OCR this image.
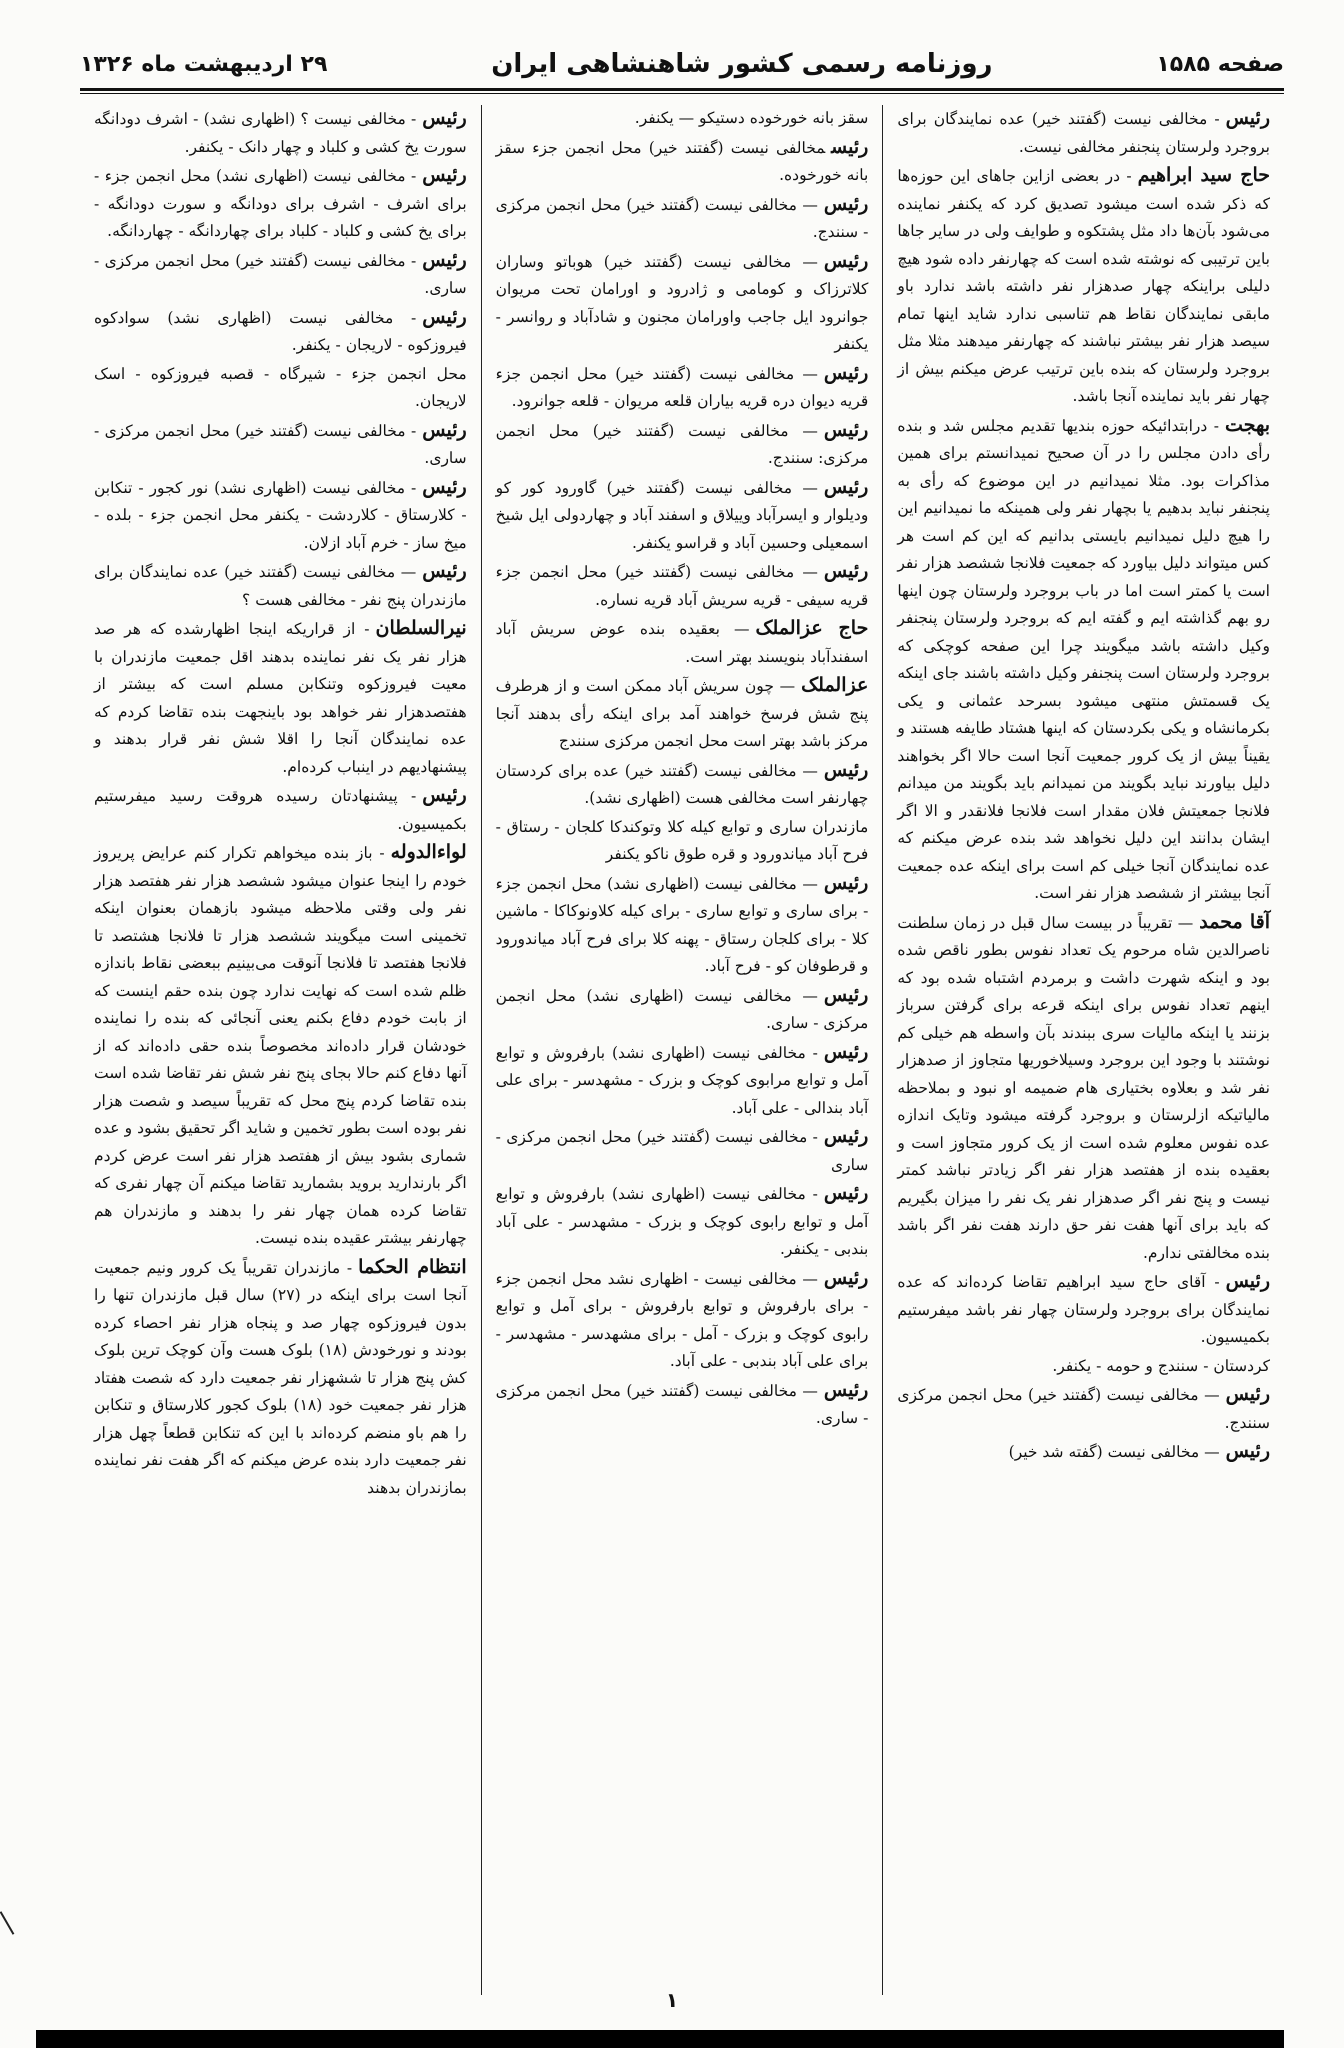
صفحه ۱۵۸۵
روزنامه رسمی کشور شاهنشاهی ایران
۲۹ اردیبهشت ماه ۱۳۲۶

رئیس- مخالفی نیست (گفتند خیر) عده نمایندگان برای بروجرد ولرستان پنجنفر مخالفی نیست.

حاج سید ابراهیم- در بعضی ازاین جاهای این حوزه‌ها که ذکر شده است میشود تصدیق کرد که یکنفر نماینده می‌شود بآن‌ها داد مثل پشتکوه و طوایف ولی در سایر جاها باین ترتیبی که نوشته شده است که چهارنفر داده شود هیچ دلیلی براینکه چهار صدهزار نفر داشته باشد ندارد باو مابقی نمایندگان نقاط هم تناسبی ندارد شاید اینها تمام سیصد هزار نفر بیشتر نباشند که چهارنفر میدهند مثلا مثل بروجرد ولرستان که بنده باین ترتیب عرض میکنم بیش از چهار نفر باید نماینده آنجا باشد.

بهجت- درابتدائیکه حوزه بندیها تقدیم مجلس شد و بنده رأی دادن مجلس را در آن صحیح نمیدانستم برای همین مذاکرات بود. مثلا نمیدانیم در این موضوع که رأی به پنجنفر نباید بدهیم یا بچهار نفر ولی همینکه ما نمیدانیم این را هیچ دلیل نمیدانیم بایستی بدانیم که این کم است هر کس میتواند دلیل بیاورد که جمعیت فلانجا ششصد هزار نفر است یا کمتر است اما در باب بروجرد ولرستان چون اینها رو بهم گذاشته ایم و گفته ایم که بروجرد ولرستان پنجنفر وکیل داشته باشد میگویند چرا این صفحه کوچکی که بروجرد ولرستان است پنجنفر وکیل داشته باشند جای اینکه یک قسمتش منتهی میشود بسرحد عثمانی و یکی بکرمانشاه و یکی بکردستان که اینها هشتاد طایفه هستند و یقیناً بیش از یک کرور جمعیت آنجا است حالا اگر بخواهند دلیل بیاورند نباید بگویند من نمیدانم باید بگویند من میدانم فلانجا جمعیتش فلان مقدار است فلانجا فلانقدر و الا اگر ایشان بدانند این دلیل نخواهد شد بنده عرض میکنم که عده نمایندگان آنجا خیلی کم است برای اینکه عده جمعیت آنجا بیشتر از ششصد هزار نفر است.

آقا محمد— تقریباً در بیست سال قبل در زمان سلطنت ناصرالدین شاه مرحوم یک تعداد نفوس بطور ناقص شده بود و اینکه شهرت داشت و برمردم اشتباه شده بود که اینهم تعداد نفوس برای اینکه قرعه برای گرفتن سرباز بزنند یا اینکه مالیات سری ببندند بآن واسطه هم خیلی کم نوشتند با وجود این بروجرد وسیلاخوریها متجاوز از صدهزار نفر شد و بعلاوه بختیاری هام ضمیمه او نبود و بملاحظه مالیاتیکه ازلرستان و بروجرد گرفته میشود وتایک اندازه عده نفوس معلوم شده است از یک کرور متجاوز است و بعقیده بنده از هفتصد هزار نفر اگر زیادتر نباشد کمتر نیست و پنج نفر اگر صدهزار نفر یک نفر را میزان بگیریم که باید برای آنها هفت نفر حق دارند هفت نفر اگر باشد بنده مخالفتی ندارم.

رئیس- آقای حاج سید ابراهیم تقاضا کرده‌اند که عده نمایندگان برای بروجرد ولرستان چهار نفر باشد میفرستیم بکمیسیون.

کردستان - سنندج و حومه - یکنفر.

رئیس— مخالفی نیست (گفتند خیر) محل انجمن مرکزی سنندج.

رئیس— مخالفی نیست (گفته شد خیر)

سقز بانه خورخوده دستیکو — یکنفر.

رئیسمخالفی نیست (گفتند خیر) محل انجمن جزء سقز بانه خورخوده.

رئیس— مخالفی نیست (گفتند خیر) محل انجمن مرکزی - سنندج.

رئیس— مخالفی نیست (گفتند خیر) هوباتو وساران کلاترزاک و کومامی و ژادرود و اورامان تحت مریوان جوانرود ایل جاجب واورامان مجنون و شادآباد و روانسر - یکنفر

رئیس— مخالفی نیست (گفتند خیر) محل انجمن جزء قریه دیوان دره قریه بیاران قلعه مریوان - قلعه جوانرود.

رئیس— مخالفی نیست (گفتند خیر) محل انجمن مرکزی: سنندج.

رئیس— مخالفی نیست (گفتند خیر) گاورود کور کو ودیلوار و ایسرآباد وییلاق و اسفند آباد و چهاردولی ایل شیخ اسمعیلی وحسین آباد و قراسو یکنفر.

رئیس— مخالفی نیست (گفتند خیر) محل انجمن جزء قریه سیفی - قریه سریش آباد قریه نساره.

حاج عزالملک— بعقیده بنده عوض سریش آباد اسفندآباد بنویسند بهتر است.

عزالملک— چون سریش آباد ممکن است و از هرطرف پنج شش فرسخ خواهند آمد برای اینکه رأی بدهند آنجا مرکز باشد بهتر است محل انجمن مرکزی سنندج

رئیس— مخالفی نیست (گفتند خیر) عده برای کردستان چهارنفر است مخالفی هست (اظهاری نشد).

مازندران ساری و توابع کیله کلا وتوکندکا کلجان - رستاق - فرح آباد میاندورود و قره طوق ناکو یکنفر

رئیس— مخالفی نیست (اظهاری نشد) محل انجمن جزء - برای ساری و توابع ساری - برای کیله کلاونوکاکا - ماشین کلا - برای کلجان رستاق - پهنه کلا برای فرح آباد میاندورود و قرطوفان کو - فرح آباد.

رئیس— مخالفی نیست (اظهاری نشد) محل انجمن مرکزی - ساری.

رئیس- مخالفی نیست (اظهاری نشد) بارفروش و توابع آمل و توابع مرابوی کوچک و بزرک - مشهدسر - برای علی آباد بندالی - علی آباد.

رئیس- مخالفی نیست (گفتند خیر) محل انجمن مرکزی - ساری

رئیس- مخالفی نیست (اظهاری نشد) بارفروش و توابع آمل و توابع رابوی کوچک و بزرک - مشهدسر - علی آباد بندبی - یکنفر.

رئیس— مخالفی نیست - اظهاری نشد محل انجمن جزء - برای بارفروش و توابع بارفروش - برای آمل و توابع رابوی کوچک و بزرک - آمل - برای مشهدسر - مشهدسر - برای علی آباد بندبی - علی آباد.

رئیس— مخالفی نیست (گفتند خیر) محل انجمن مرکزی - ساری.

رئیس- مخالفی نیست ؟ (اظهاری نشد) - اشرف دودانگه سورت یخ کشی و کلباد و چهار دانک - یکنفر.

رئیس- مخالفی نیست (اظهاری نشد) محل انجمن جزء - برای اشرف - اشرف برای دودانگه و سورت دودانگه - برای یخ کشی و کلباد - کلباد برای چهاردانگه - چهاردانگه.

رئیس- مخالفی نیست (گفتند خیر) محل انجمن مرکزی - ساری.

رئیس- مخالفی نیست (اظهاری نشد) سوادکوه فیروزکوه - لاریجان - یکنفر.

محل انجمن جزء - شیرگاه - قصبه فیروزکوه - اسک لاریجان.

رئیس- مخالفی نیست (گفتند خیر) محل انجمن مرکزی - ساری.

رئیس- مخالفی نیست (اظهاری نشد) نور کجور - تنکابن - کلارستاق - کلاردشت - یکنفر محل انجمن جزء - بلده - میخ ساز - خرم آباد ازلان.

رئیس— مخالفی نیست (گفتند خیر) عده نمایندگان برای مازندران پنج نفر - مخالفی هست ؟

نیرالسلطان- از قراریکه اینجا اظهارشده که هر صد هزار نفر یک نفر نماینده بدهند اقل جمعیت مازندران با معیت فیروزکوه وتنکابن مسلم است که بیشتر از هفتصدهزار نفر خواهد بود باینجهت بنده تقاضا کردم که عده نمایندگان آنجا را اقلا شش نفر قرار بدهند و پیشنهادیهم در اینباب کرده‌ام.

رئیس- پیشنهادتان رسیده هروقت رسید میفرستیم بکمیسیون.

لواءالدوله- باز بنده میخواهم تکرار کنم عرایض پریروز خودم را اینجا عنوان میشود ششصد هزار نفر هفتصد هزار نفر ولی وقتی ملاحظه میشود بازهمان بعنوان اینکه تخمینی است میگویند ششصد هزار تا فلانجا هشتصد تا فلانجا هفتصد تا فلانجا آنوقت می‌بینیم ببعضی نقاط باندازه ظلم شده است که نهایت ندارد چون بنده حقم اینست که از بابت خودم دفاع بکنم یعنی آنجائی که بنده را نماینده خودشان قرار داده‌اند مخصوصاً بنده حقی داده‌اند که از آنها دفاع کنم حالا بجای پنج نفر شش نفر تقاضا شده است بنده تقاضا کردم پنج محل که تقریباً سیصد و شصت هزار نفر بوده است بطور تخمین و شاید اگر تحقیق بشود و عده شماری بشود بیش از هفتصد هزار نفر است عرض کردم اگر بارندارید بروید بشمارید تقاضا میکنم آن چهار نفری که تقاضا کرده همان چهار نفر را بدهند و مازندران هم چهارنفر بیشتر عقیده بنده نیست.

انتظام الحکما- مازندران تقریباً یک کرور ونیم جمعیت آنجا است برای اینکه در (۲۷) سال قبل مازندران تنها را بدون فیروزکوه چهار صد و پنجاه هزار نفر احصاء کرده بودند و نورخودش (۱۸) بلوک هست وآن کوچک ترین بلوک کش پنج هزار تا ششهزار نفر جمعیت دارد که شصت هفتاد هزار نفر جمعیت خود (۱۸) بلوک کجور کلارستاق و تنکابن را هم باو منضم کرده‌اند با این که تنکابن قطعاً چهل هزار نفر جمعیت دارد بنده عرض میکنم که اگر هفت نفر نماینده بمازندران بدهند

۱
